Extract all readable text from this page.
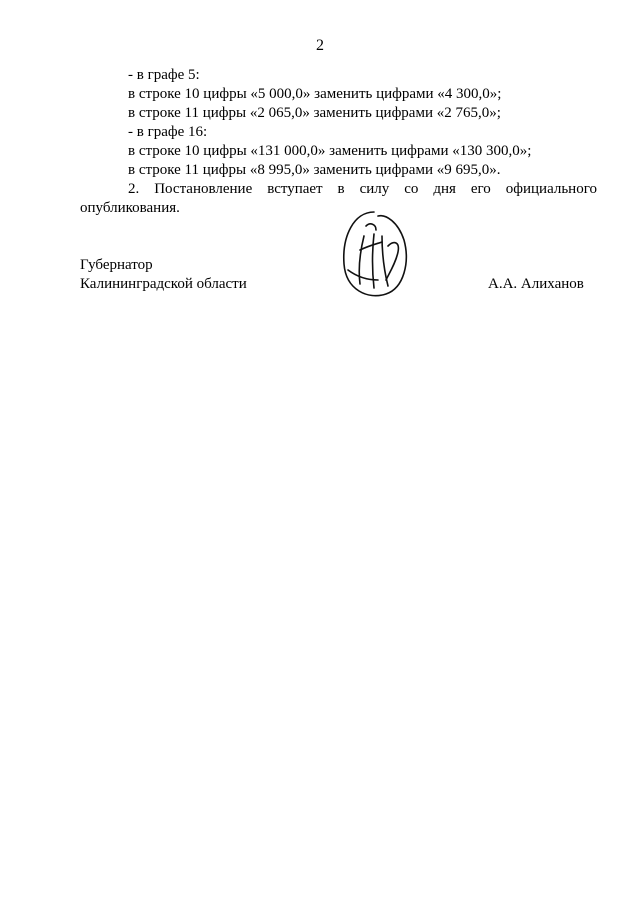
2

- в графе 5:

в строке 10 цифры «5 000,0» заменить цифрами «4 300,0»;

в строке 11 цифры «2 065,0» заменить цифрами «2 765,0»;

- в графе 16:

в строке 10 цифры «131 000,0» заменить цифрами «130 300,0»;

в строке 11 цифры «8 995,0» заменить цифрами «9 695,0».

2. Постановление вступает в силу со дня его официального опубликования.

Губернатор

Калининградской области	А.А. Алиханов
